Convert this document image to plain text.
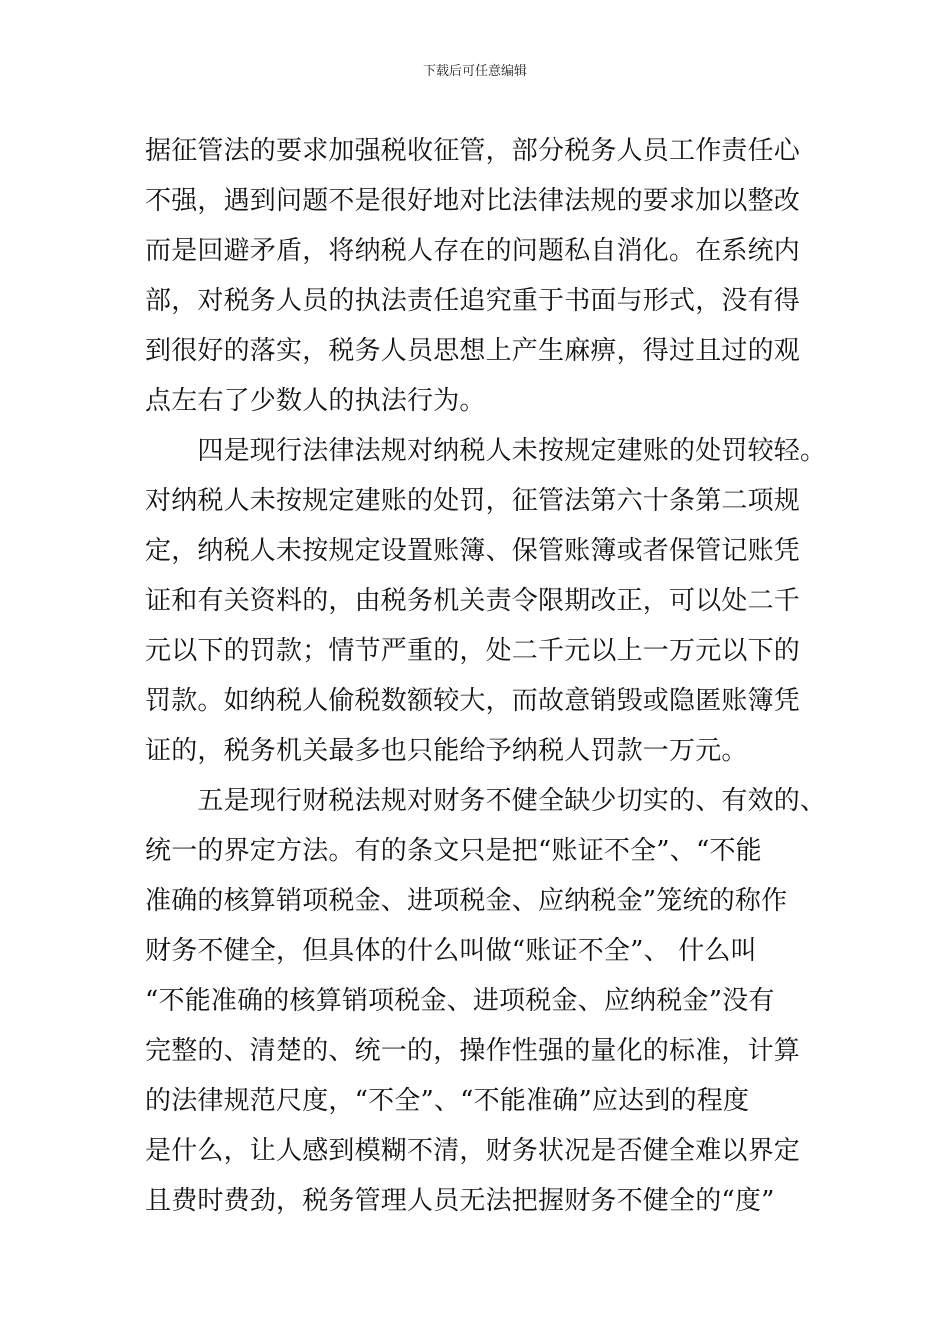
下载后可任意编辑
据征管法的要求加强税收征管，部分税务人员工作责任心
不强，遇到问题不是很好地对比法律法规的要求加以整改
而是回避矛盾，将纳税人存在的问题私自消化。在系统内
部，对税务人员的执法责任追究重于书面与形式，没有得
到很好的落实，税务人员思想上产生麻痹，得过且过的观
点左右了少数人的执法行为。
　　四是现行法律法规对纳税人未按规定建账的处罚较轻。
对纳税人未按规定建账的处罚，征管法第六十条第二项规
定，纳税人未按规定设置账簿、保管账簿或者保管记账凭
证和有关资料的，由税务机关责令限期改正，可以处二千
元以下的罚款；情节严重的，处二千元以上一万元以下的
罚款。如纳税人偷税数额较大，而故意销毁或隐匿账簿凭
证的，税务机关最多也只能给予纳税人罚款一万元。
　　五是现行财税法规对财务不健全缺少切实的、有效的、
统一的界定方法。有的条文只是把“账证不全”、“不能
准确的核算销项税金、进项税金、应纳税金”笼统的称作
财务不健全，但具体的什么叫做“账证不全”、 什么叫
“不能准确的核算销项税金、进项税金、应纳税金”没有
完整的、清楚的、统一的，操作性强的量化的标准，计算
的法律规范尺度，“不全”、“不能准确”应达到的程度
是什么，让人感到模糊不清，财务状况是否健全难以界定
且费时费劲，税务管理人员无法把握财务不健全的“度”
